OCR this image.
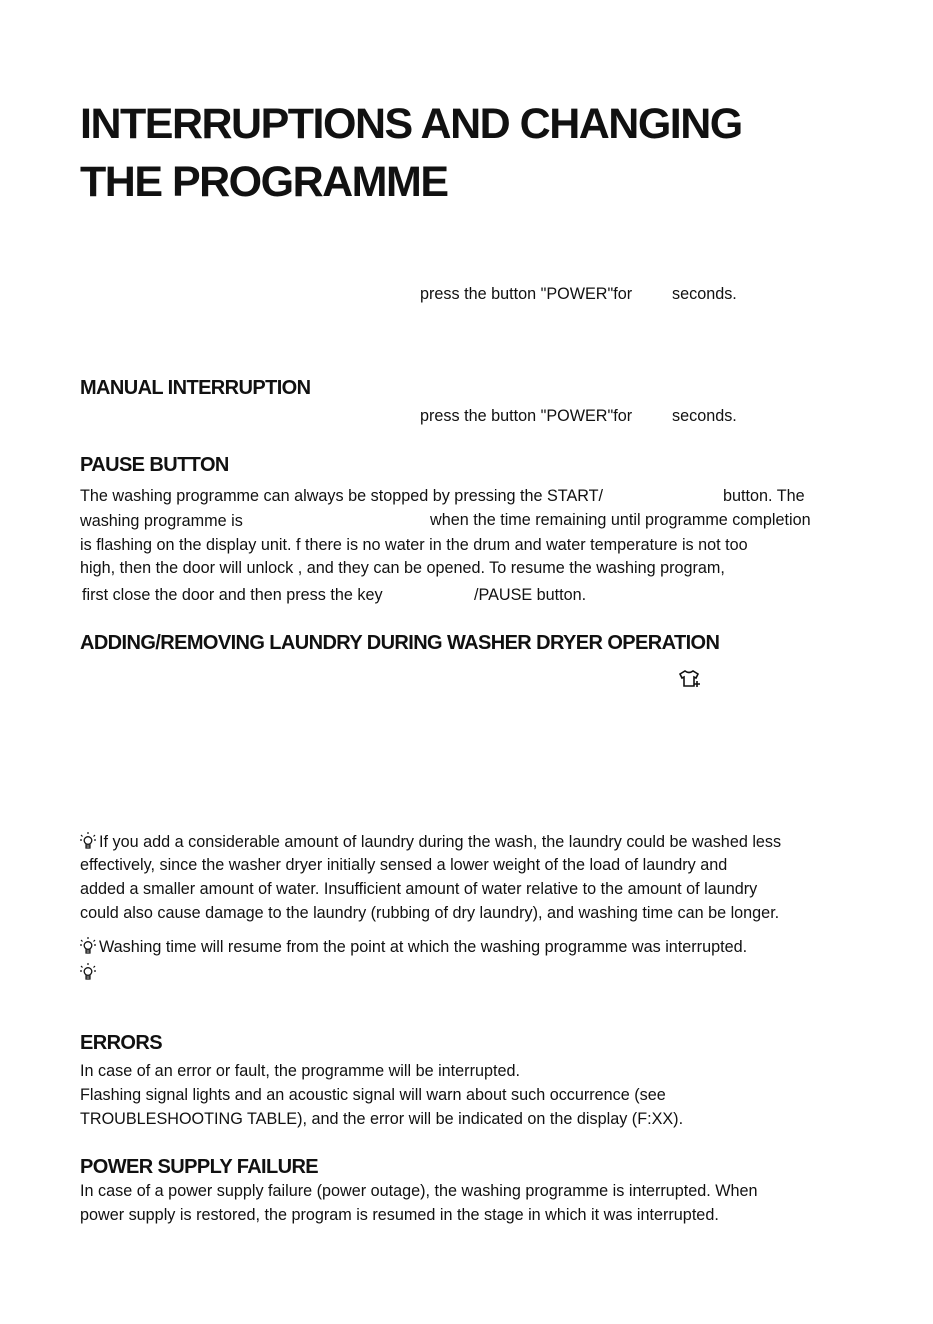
INTERRUPTIONS AND CHANGING
THE PROGRAMME
press the button "POWER"for seconds.
MANUAL INTERRUPTION
press the button "POWER"for seconds.
PAUSE BUTTON
The washing programme can always be stopped by pressing the START/	button. The
washing programme is	when the time remaining until programme completion
is flashing on the display unit. f there is no water in the drum and water temperature is not too
high, then the door will unlock , and they can be opened. To resume the washing program,
first close the door and then press the key	/PAUSE button.
ADDING/REMOVING LAUNDRY DURING WASHER DRYER OPERATION
If you add a considerable amount of laundry during the wash, the laundry could be washed less
effectively, since the washer dryer initially sensed a lower weight of the load of laundry and
added a smaller amount of water. Insufficient amount of water relative to the amount of laundry
could also cause damage to the laundry (rubbing of dry laundry), and washing time can be longer.
Washing time will resume from the point at which the washing programme was interrupted.
ERRORS
In case of an error or fault, the programme will be interrupted.
Flashing signal lights and an acoustic signal will warn about such occurrence (see
TROUBLESHOOTING TABLE), and the error will be indicated on the display (F:XX).
POWER SUPPLY FAILURE
In case of a power supply failure (power outage), the washing programme is interrupted. When
power supply is restored, the program is resumed in the stage in which it was interrupted.
